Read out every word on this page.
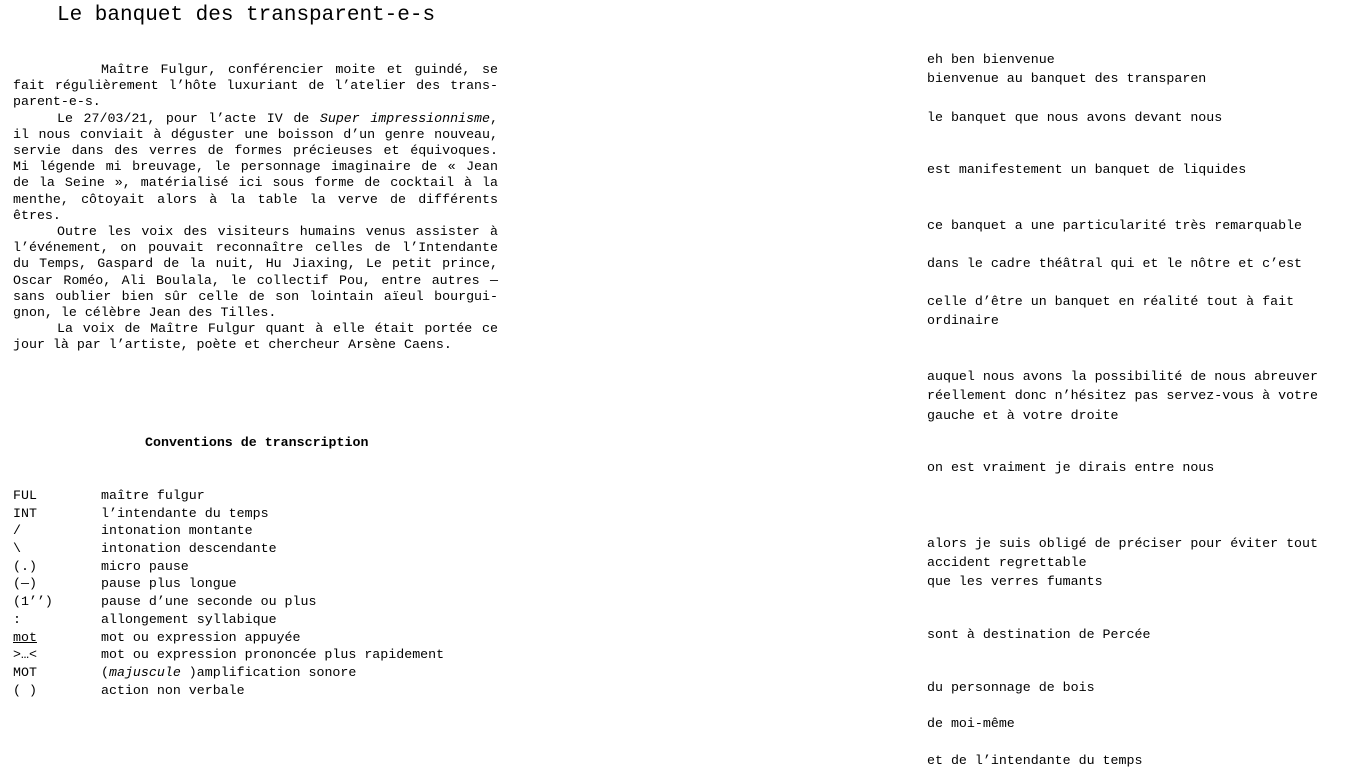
Le banquet des transparent-e-s

Maître Fulgur, conférencier moite et guindé, se fait régulièrement l’hôte luxuriant de l’atelier des trans-parent-e-s.

Le 27/03/21, pour l’acte IV de Super impressionnisme, il nous conviait à déguster une boisson d’un genre nouveau, servie dans des verres de formes précieuses et équivoques. Mi légende mi breuvage, le personnage imaginaire de « Jean de la Seine », matérialisé ici sous forme de cocktail à la menthe, côtoyait alors à la table la verve de différents êtres.

Outre les voix des visiteurs humains venus assister à l’événement, on pouvait reconnaître celles de l’Intendante du Temps, Gaspard de la nuit, Hu Jiaxing, Le petit prince, Oscar Roméo, Ali Boulala, le collectif Pou, entre autres — sans oublier bien sûr celle de son lointain aïeul bourgui-gnon, le célèbre Jean des Tilles.

La voix de Maître Fulgur quant à elle était portée ce jour là par l’artiste, poète et chercheur Arsène Caens.

Conventions de transcription
FUL	maître fulgur
INT	l’intendante du temps
/	intonation montante
\	intonation descendante
(.)	micro pause
(—)	pause plus longue
(1’’)	pause d’une seconde ou plus
:	allongement syllabique
mot	mot ou expression appuyée
>…<	mot ou expression prononcée plus rapidement
MOT	(majuscule )amplification sonore
( )	action non verbale
eh ben bienvenue
bienvenue au banquet des transparen
le banquet que nous avons devant nous
est manifestement un banquet de liquides
ce banquet a une particularité très remarquable
dans le cadre théâtral qui et le nôtre et c’est
celle d’être un banquet en réalité tout à fait
ordinaire
auquel nous avons la possibilité de nous abreuver
réellement donc n’hésitez pas servez-vous à votre
gauche et à votre droite
on est vraiment je dirais entre nous
alors je suis obligé de préciser pour éviter tout
accident regrettable
que les verres fumants
sont à destination de Percée
du personnage de bois
de moi-même
et de l’intendante du temps
